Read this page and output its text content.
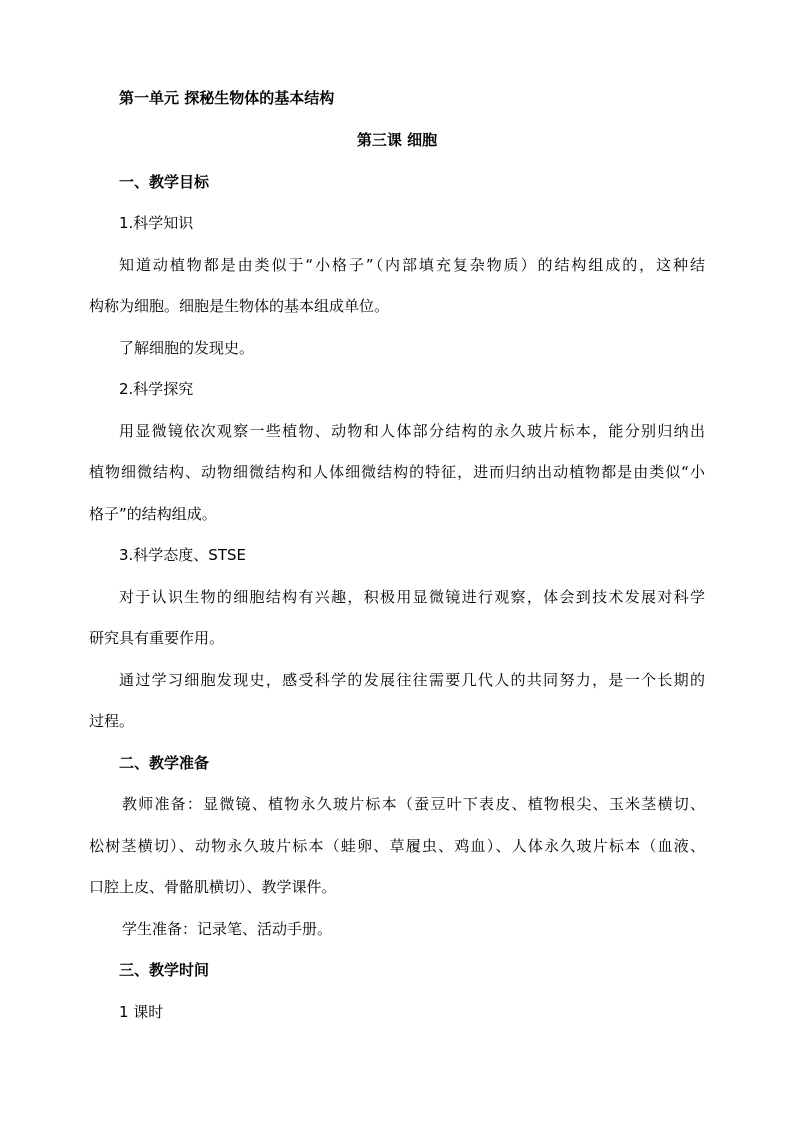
第一单元 探秘生物体的基本结构
第三课 细胞
一、教学目标
1.科学知识
知道动植物都是由类似于“小格子”（内部填充复杂物质）的结构组成的，这种结
构称为细胞。细胞是生物体的基本组成单位。
了解细胞的发现史。
2.科学探究
用显微镜依次观察一些植物、动物和人体部分结构的永久玻片标本，能分别归纳出
植物细微结构、动物细微结构和人体细微结构的特征，进而归纳出动植物都是由类似“小
格子”的结构组成。
3.科学态度、STSE
对于认识生物的细胞结构有兴趣，积极用显微镜进行观察，体会到技术发展对科学
研究具有重要作用。
通过学习细胞发现史，感受科学的发展往往需要几代人的共同努力，是一个长期的
过程。
二、教学准备
教师准备：显微镜、植物永久玻片标本（蚕豆叶下表皮、植物根尖、玉米茎横切、
松树茎横切）、动物永久玻片标本（蛙卵、草履虫、鸡血）、人体永久玻片标本（血液、
口腔上皮、骨骼肌横切）、教学课件。
学生准备：记录笔、活动手册。
三、教学时间
1 课时
